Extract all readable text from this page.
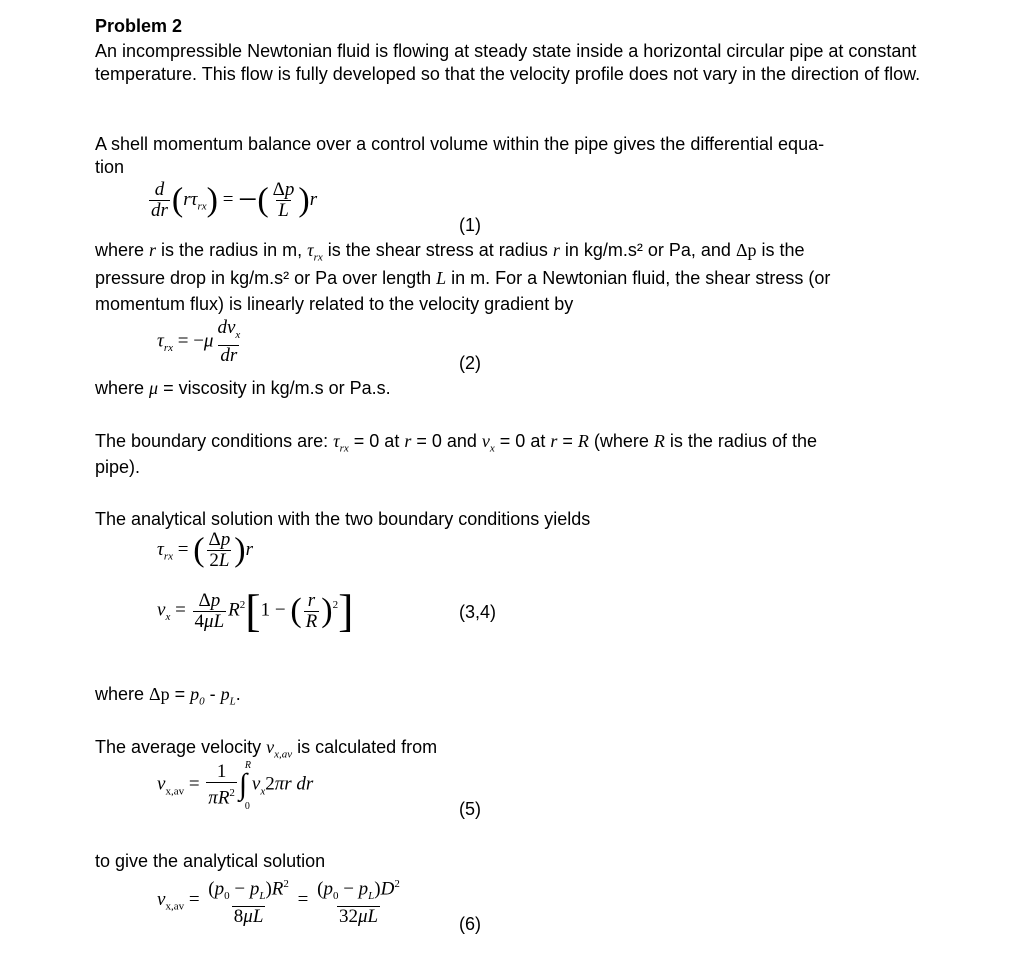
Problem 2
An incompressible Newtonian fluid is flowing at steady state inside a horizontal circular pipe at constant temperature. This flow is fully developed so that the velocity profile does not vary in the direction of flow.
A shell momentum balance over a control volume within the pipe gives the differential equa-
tion
$\frac{d}{dr} (r\tau_{rx})$ = −( $\frac{\Delta p}{L} )r$
(1)
where r is the radius in m, $\tau_{rx}$ is the shear stress at radius r in kg/m.s² or Pa, and Δp is the
pressure drop in kg/m.s² or Pa over length L in m. For a Newtonian fluid, the shear stress (or
momentum flux) is linearly related to the velocity gradient by
$\tau_{rx} = -\mu \frac{dv_x}{dr}$	(2)
where μ = viscosity in kg/m.s or Pa.s.
The boundary conditions are: $\tau_{rx} = 0$ at r = 0 and $v_x = 0$ at r = R (where R is the radius of the
pipe).
The analytical solution with the two boundary conditions yields
$\tau_{rx}$ = ( $\frac{\Delta p}{2L} )r$
$v_x = \frac{\Delta p}{4\mu L} R^2[1$ − ( $\frac{r}{R} )^2$]	(3,4)
where $\Delta p = p_0 - p_L$.
The average velocity $v_{x,av}$ is calculated from
$v_{x,av} = \frac{1}{\pi R^2}$ ∫
R
0
$v_x2\pi r$ dr
(5)
to give the analytical solution
$v_{x,av} = \frac{(p_0 - p_L)R^2}{8\mu L} = \frac{(p_0 - p_L)D^2}{32\mu L}$	(6)
